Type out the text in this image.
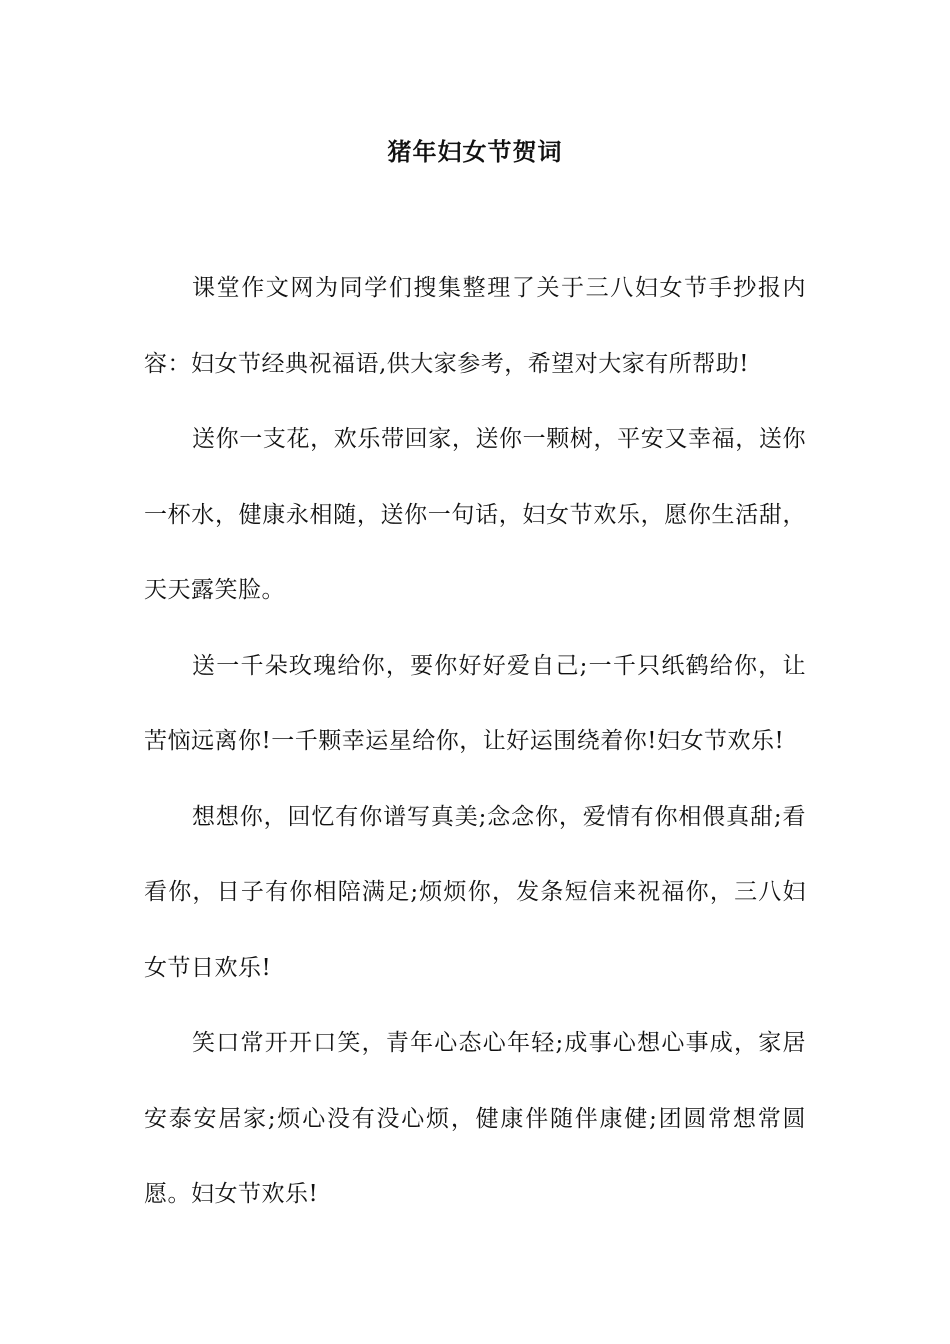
猪年妇女节贺词

课堂作文网为同学们搜集整理了关于三八妇女节手抄报内容：妇女节经典祝福语,供大家参考，希望对大家有所帮助!

送你一支花，欢乐带回家，送你一颗树，平安又幸福，送你一杯水，健康永相随，送你一句话，妇女节欢乐，愿你生活甜，天天露笑脸。

送一千朵玫瑰给你，要你好好爱自己;一千只纸鹤给你，让苦恼远离你!一千颗幸运星给你，让好运围绕着你!妇女节欢乐!

想想你，回忆有你谱写真美;念念你，爱情有你相偎真甜;看看你，日子有你相陪满足;烦烦你，发条短信来祝福你，三八妇女节日欢乐!

笑口常开开口笑，青年心态心年轻;成事心想心事成，家居安泰安居家;烦心没有没心烦，健康伴随伴康健;团圆常想常圆愿。妇女节欢乐!
